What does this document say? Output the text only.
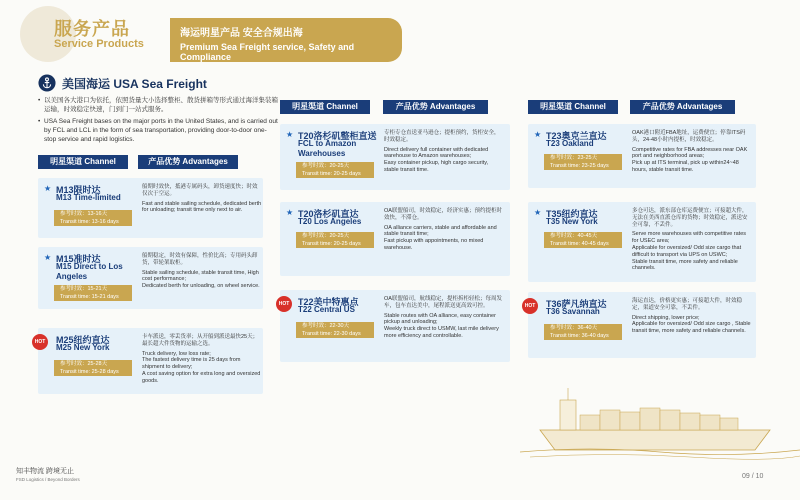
服务产品
Service Products
海运明星产品 安全合规出海
Premium Sea Freight service, Safety and Compliance
美国海运 USA Sea Freight

• 以美国各大港口为依托，依照货量大小选择整柜、散货拼箱等形式通过海洋集装箱运输，时效稳定快速，门到门一站式服务。

• USA Sea Freight bases on the major ports in the United States, and is carried out by FCL and LCL in the form of sea transportation, providing door-to-door one-stop service and rapid logistics.

明星渠道 Channel	产品优势 Advantages
明星渠道 Channel	产品优势 Advantages	明星渠道 Channel	产品优势 Advantages
★ M13限时达
M13 Time-limited
参考时效：13-16天
Transit time: 13-16 days
船期时效快，抵港专属码头，卸货速度快；时效仅次于空运。
Fast and stable sailing schedule, dedicated berth for unloading; transit time only next to air.
★ M15准时达
M15 Direct to Los Angeles
参考时效：15-21天
Transit time: 15-21 days
船期稳定，时效有保障，性价比高；专用码头卸货，带轮架取柜。
Stable sailing schedule, stable transit time, High cost performance;
Dedicated berth for unloading, on wheel service.
HOT	M25纽约直达
M25 New York
参考时效：25-28天
Transit time: 25-28 days
卡车派送，零丢货率；从开船到派送最快25天；最长超大件货物的运输之选。
Truck delivery, low loss rate;
The fastest delivery time is 25 days from shipment to delivery;
A cost saving option for extra long and oversized goods.
★ T20洛杉矶整柜直送
FCL to Amazon Warehouses
参考时效：20-25天
Transit time: 20-25 days
专柜专仓直送亚马逊仓；提柜预约，货柜安全，时效稳定。
Direct delivery full container with dedicated warehouse to Amazon warehouses;
Easy container pickup, high cargo security, stable transit time.
★ T20洛杉矶直达
T20 Los Angeles
参考时效：20-25天
Transit time: 20-25 days
OA联盟船司，时效稳定，经济实惠；预约提柜时效快，不滞仓。
OA alliance carriers, stable and affordable and stable transit time;
Fast pickup with appointments, no mixed warehouse.
HOT T22美中特惠点
T22 Central US
参考时效：22-30天
Transit time: 22-30 days
OA联盟船司，航线稳定，提柜拆柜轻松；每周发车，包车直达美中，尾程派送更高效可控。
Stable routes with OA alliance, easy container pickup and unloading;
Weekly truck direct to USMW, last mile delivery more efficiency and controllable.
★ T23奥克兰直达
T23 Oakland
参考时效：23-25天
Transit time: 23-25 days
OAK港口附近FBA地址，运费便宜；停靠ITS码头，24-48小时内提柜，时效稳定。
Competitive rates for FBA addresses near OAK port and neighborhood areas;
Pick up at ITS terminal, pick up within24~48 hours, stable transit time.
★ T35纽约直达
T35 New York
参考时效：40-45天
Transit time: 40-45 days
多仓可达，派东部仓库运费便宜；可接超大件，无法在美西直派仓库的货物；时效稳定，派送安全可靠，不丢件。
Serve more warehouses with competitive rates for USEC area;
Applicable for oversized/ Odd size cargo that difficult to transport via UPS on USWC;
Stable transit time, more safety and reliable channels.
HOT	T36萨凡纳直达
T36 Savannah
参考时效：36-40天
Transit time: 36-40 days
海运直达，价格更实惠；可接超大件，时效稳定，渠道安全可靠，不丢件。
Direct shipping, lower price;
Applicable for oversized/ Odd size cargo , Stable transit time, more safety and reliable channels.
知丰物流 跨境无止
FSD Logistics / Beyond Borders	09 / 10
